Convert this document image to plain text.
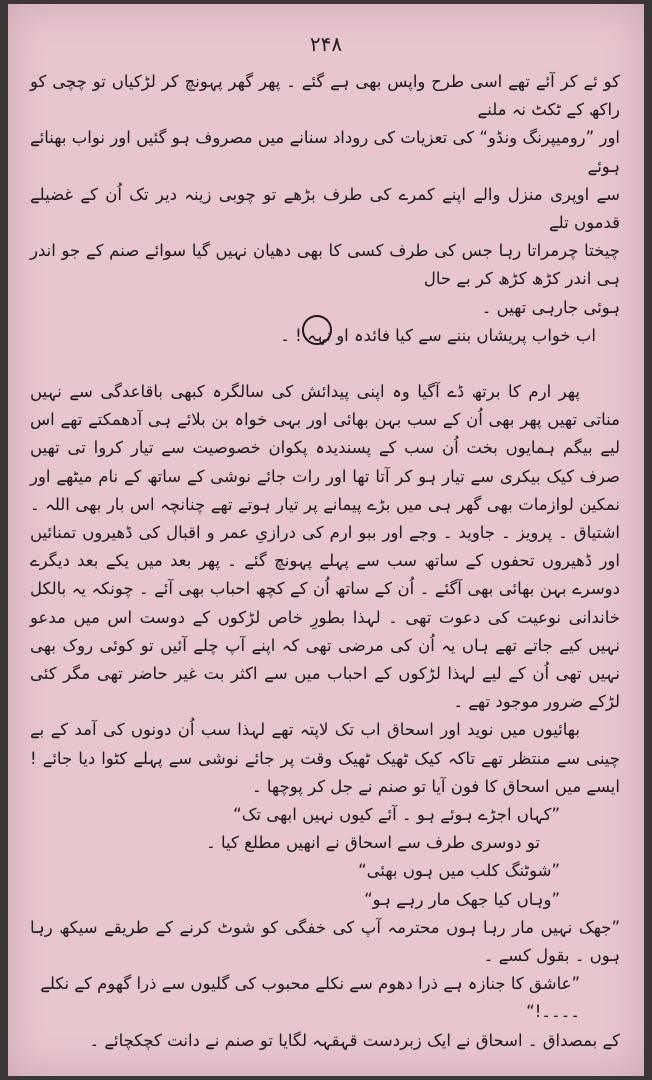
۲۴۸

کو ئے کر آئے تھے اسی طرح واپس بھی ہے گئے ۔ پھر گھر پہونچ کر لڑکیاں تو چچی کو راکھ کے ٹکٹ نہ ملنے

اور ”رومیپرنگ ونڈو“ کی تعزیات کی روداد سنانے میں مصروف ہو گئیں اور نواب بھنائے ہوئے

سے اوپری منزل والے اپنے کمرے کی طرف بڑھے تو چوبی زینہ دیر تک اُن کے غضیلے قدموں تلے

چیختا چرمراتا رہا جس کی طرف کسی کا بھی دھیان نہیں گیا سوائے صنم کے جو اندر ہی اندر کڑھ کڑھ کر بے حال

ہوئی جارہی تھیں ۔

اب خواب پریشاں بننے سے کیا فائدہ او نہہ ! ۔

پھر ارم کا برتھ ڈے آگیا وہ اپنی پیدائش کی سالگرہ کبھی باقاعدگی سے نہیں مناتی تھیں پھر بھی اُن کے سب بہن بھائی اور بہی خواہ بن بلائے ہی آدھمکتے تھے اس لیے بیگم ہمایوں بخت اُن سب کے پسندیدہ پکوان خصوصیت سے تیار کروا تی تھیں صرف کیک بیکری سے تیار ہو کر آتا تھا اور رات جائے نوشی کے ساتھ کے نام میٹھے اور نمکین لوازمات بھی گھر ہی میں بڑے پیمانے پر تیار ہوتے تھے چنانچہ اس بار بھی اللہ ۔ اشتیاق ۔ پرویز ۔ جاوید ۔ وجے اور ببو ارم کی درازیِ عمر و اقبال کی ڈھیروں تمنائیں اور ڈھیروں تحفوں کے ساتھ سب سے پہلے پہونچ گئے ۔ پھر بعد میں یکے بعد دیگرے دوسرے بہن بھائی بھی آگئے ۔ اُن کے ساتھ اُن کے کچھ احباب بھی آئے ۔ چونکہ یہ بالکل خاندانی نوعیت کی دعوت تھی ۔ لہذا بطورِ خاص لڑکوں کے دوست اس میں مدعو نہیں کیے جاتے تھے ہاں یہ اُن کی مرضی تھی کہ اپنے آپ چلے آئیں تو کوئی روک بھی نہیں تھی اُن کے لیے لہذا لڑکوں کے احباب میں سے اکثر بت غیر حاضر تھی مگر کئی لڑکے ضرور موجود تھے ۔

بھائیوں میں نوید اور اسحاق اب تک لاپتہ تھے لہذا سب اُن دونوں کی آمد کے بے چینی سے منتظر تھے تاکہ کیک ٹھیک ٹھیک وقت پر جائے نوشی سے پہلے کٹوا دیا جائے ! ایسے میں اسحاق کا فون آیا تو صنم نے جل کر پوچھا ۔

”کہاں اجڑے ہوئے ہو ۔ آئے کیوں نہیں ابھی تک“

تو دوسری طرف سے اسحاق نے انھیں مطلع کیا ۔

”شوٹنگ کلب میں ہوں بھئی“

”وہاں کیا جھک مار رہے ہو“

”جھک نہیں مار رہا ہوں محترمہ آپ کی خفگی کو شوٹ کرنے کے طریقے سیکھ رہا ہوں ۔ بقول کسے ۔

”عاشق کا جنازہ ہے ذرا دھوم سے نکلے محبوب کی گلیوں سے ذرا گھوم کے نکلے ۔۔۔۔!“

کے بمصداق ۔ اسحاق نے ایک زبردست قہقہہ لگایا تو صنم نے دانت کچکچائے ۔
